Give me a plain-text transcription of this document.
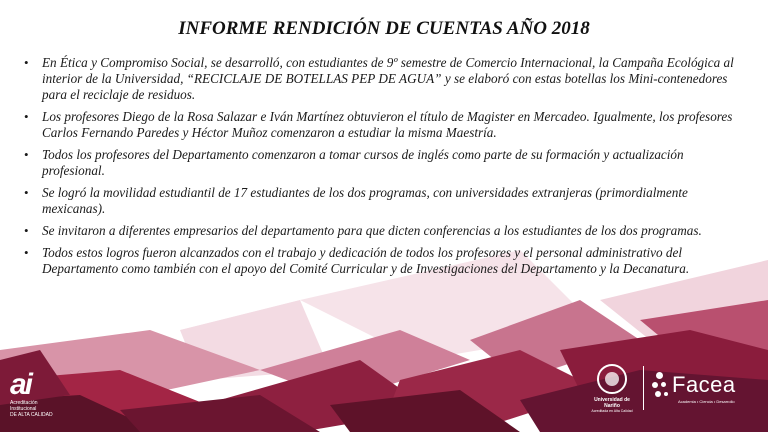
INFORME RENDICIÓN DE CUENTAS AÑO 2018
• En Ética y Compromiso Social, se desarrolló, con estudiantes de 9º semestre de Comercio Internacional, la Campaña Ecológica al interior de la Universidad, “RECICLAJE DE BOTELLAS PEP DE AGUA” y se elaboró con estas botellas los Mini-contenedores para el reciclaje de residuos.
• Los profesores Diego de la Rosa Salazar e Iván Martínez obtuvieron el título de Magister en Mercadeo. Igualmente, los profesores Carlos Fernando Paredes y Héctor Muñoz comenzaron a estudiar la misma Maestría.
• Todos los profesores del Departamento comenzaron a tomar cursos de inglés como parte de su formación y actualización profesional.
• Se logró la movilidad estudiantil de 17 estudiantes de los dos programas, con universidades extranjeras (primordialmente mexicanas).
• Se invitaron a diferentes empresarios del departamento para que dicten conferencias a los estudiantes de los dos programas.
• Todos estos logros fueron alcanzados con el trabajo y dedicación de todos los profesores y el personal administrativo del Departamento como también con el apoyo del Comité Curricular y de Investigaciones del Departamento y la Decanatura.
ai
Acreditación
Institucional
DE ALTA CALIDAD
Universidad de Nariño
Acreditada en Alta Calidad
Facea
Academia • Ciencia • Desarrollo
